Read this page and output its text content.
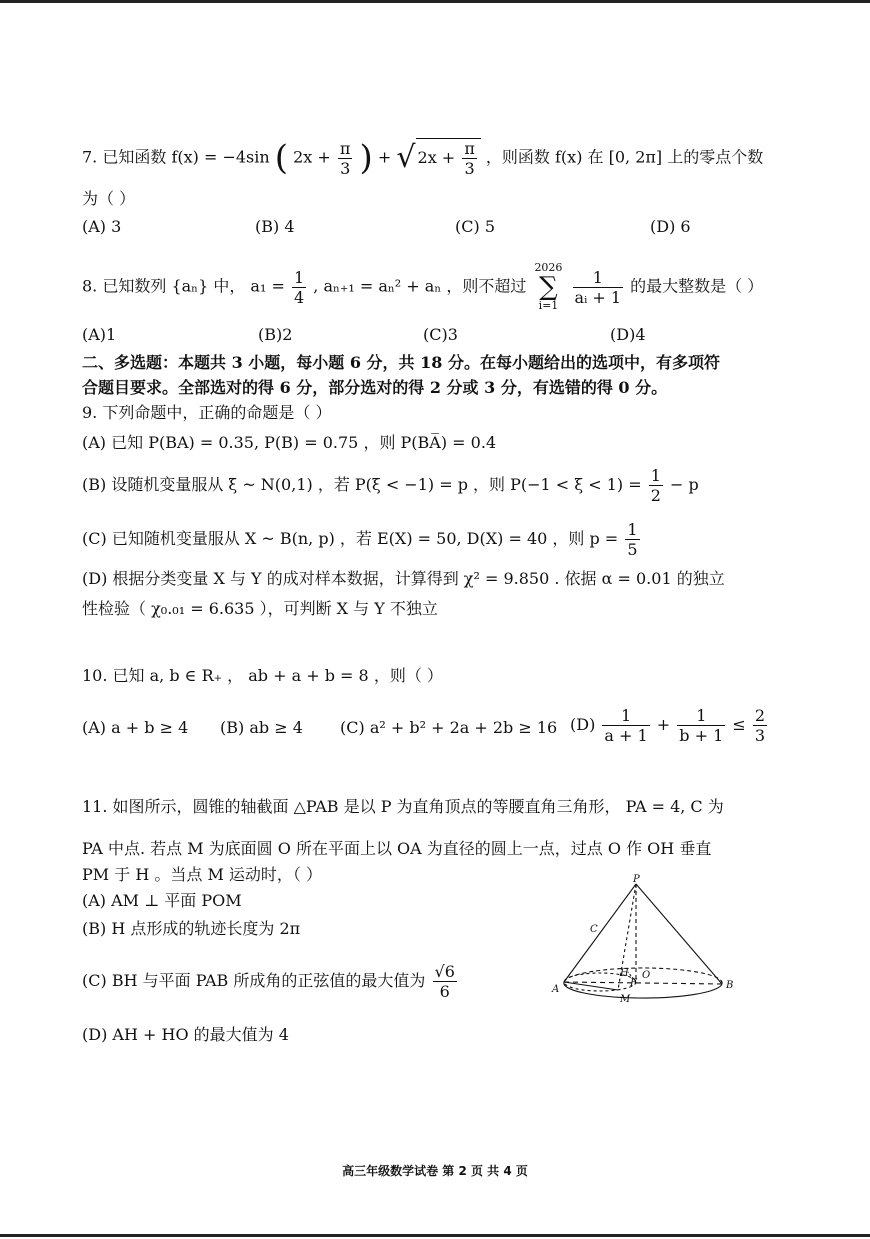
7. 已知函数 f(x) = −4sin ( $2x + \frac{\pi}{3}$ ) + √ $2x + \frac{\pi}{3}$ ，则函数 f(x) 在 [0, 2π] 上的零点个数
为（ ）
(A) 3	(B) 4	(C) 5	(D) 6
8. 已知数列 {aₙ} 中， $a_1 = \frac{1}{4}$ , aₙ₊₁ = aₙ² + aₙ ，则不超过 2026
∑
$i=1 \frac{1}{\text{aᵢ + 1}}$ 的最大整数是（ ）
(A)1	(B)2	(C)3	(D)4
二、多选题：本题共 3 小题，每小题 6 分，共 18 分。在每小题给出的选项中，有多项符
合题目要求。全部选对的得 6 分，部分选对的得 2 分或 3 分，有选错的得 0 分。
9. 下列命题中，正确的命题是（ ）
(A) 已知 P(BA) = 0.35, P(B) = 0.75 ，则 P(BA̅) = 0.4
(B) 设随机变量服从 ξ ~ N(0,1) ，若 P(ξ < −1) = p ，则 $P(-1 < \xi < 1) = \frac{1}{2} - p$
(C) 已知随机变量服从 X ~ B(n, p) ，若 E(X) = 50, D(X) = 40 ，则 $p = \frac{1}{5}$
(D) 根据分类变量 X 与 Y 的成对样本数据，计算得到 χ² = 9.850 . 依据 α = 0.01 的独立
性检验（ χ₀.₀₁ = 6.635 ），可判断 X 与 Y 不独立
10. 已知 a, b ∈ R₊ ， ab + a + b = 8 ，则（ ）
(A) a + b ≥ 4 (B) ab ≥ 4 (C) a² + b² + 2a + 2b ≥ 16 $(D) \frac{1}{a + 1} + \frac{1}{b + 1} \le \frac{2}{3}$
11. 如图所示，圆锥的轴截面 △PAB 是以 P 为直角顶点的等腰直角三角形， PA = 4, C 为
PA 中点. 若点 M 为底面圆 O 所在平面上以 OA 为直径的圆上一点，过点 O 作 OH 垂直
PM 于 H 。当点 M 运动时，（ ）
(A) AM ⊥ 平面 POM
(B) H 点形成的轨迹长度为 2π
(C) BH 与平面 PAB 所成角的正弦值的最大值为 $\frac{√6}{6}$
(D) AH + HO 的最大值为 4
P
A	B
C
O
H
M
F
高三年级数学试卷 第 2 页 共 4 页
